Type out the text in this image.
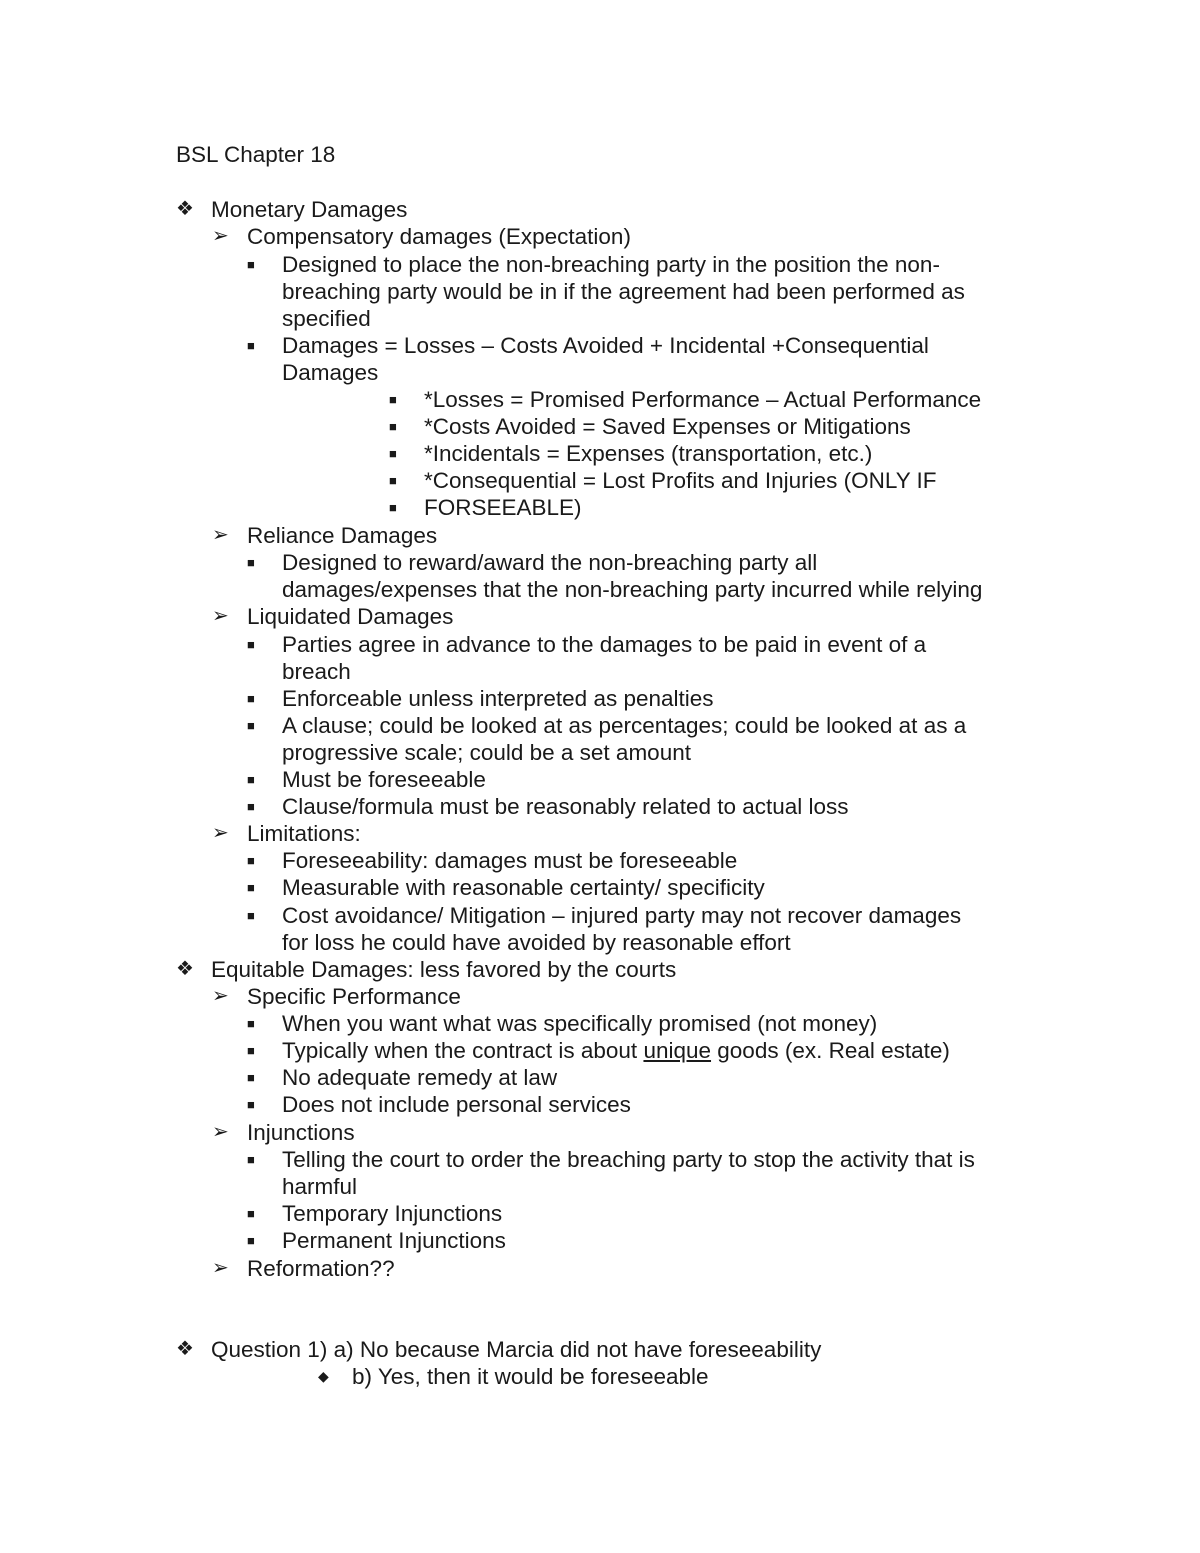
BSL Chapter 18
❖ Monetary Damages
➢ Compensatory damages (Expectation)
■ Designed to place the non-breaching party in the position the non-
breaching party would be in if the agreement had been performed as
specified
■ Damages = Losses – Costs Avoided + Incidental +Consequential
Damages
■ *Losses = Promised Performance – Actual Performance
■ *Costs Avoided = Saved Expenses or Mitigations
■ *Incidentals = Expenses (transportation, etc.)
■ *Consequential = Lost Profits and Injuries (ONLY IF
■ FORSEEABLE)
➢ Reliance Damages
■ Designed to reward/award the non-breaching party all
damages/expenses that the non-breaching party incurred while relying
➢ Liquidated Damages
■ Parties agree in advance to the damages to be paid in event of a
breach
■ Enforceable unless interpreted as penalties
■ A clause; could be looked at as percentages; could be looked at as a
progressive scale; could be a set amount
■ Must be foreseeable
■ Clause/formula must be reasonably related to actual loss
➢ Limitations:
■ Foreseeability: damages must be foreseeable
■ Measurable with reasonable certainty/ specificity
■ Cost avoidance/ Mitigation – injured party may not recover damages
for loss he could have avoided by reasonable effort
❖ Equitable Damages: less favored by the courts
➢ Specific Performance
■ When you want what was specifically promised (not money)
■ Typically when the contract is about unique goods (ex. Real estate)
■ No adequate remedy at law
■ Does not include personal services
➢ Injunctions
■ Telling the court to order the breaching party to stop the activity that is
harmful
■ Temporary Injunctions
■ Permanent Injunctions
➢ Reformation??
❖ Question 1) a) No because Marcia did not have foreseeability
◆ b) Yes, then it would be foreseeable
